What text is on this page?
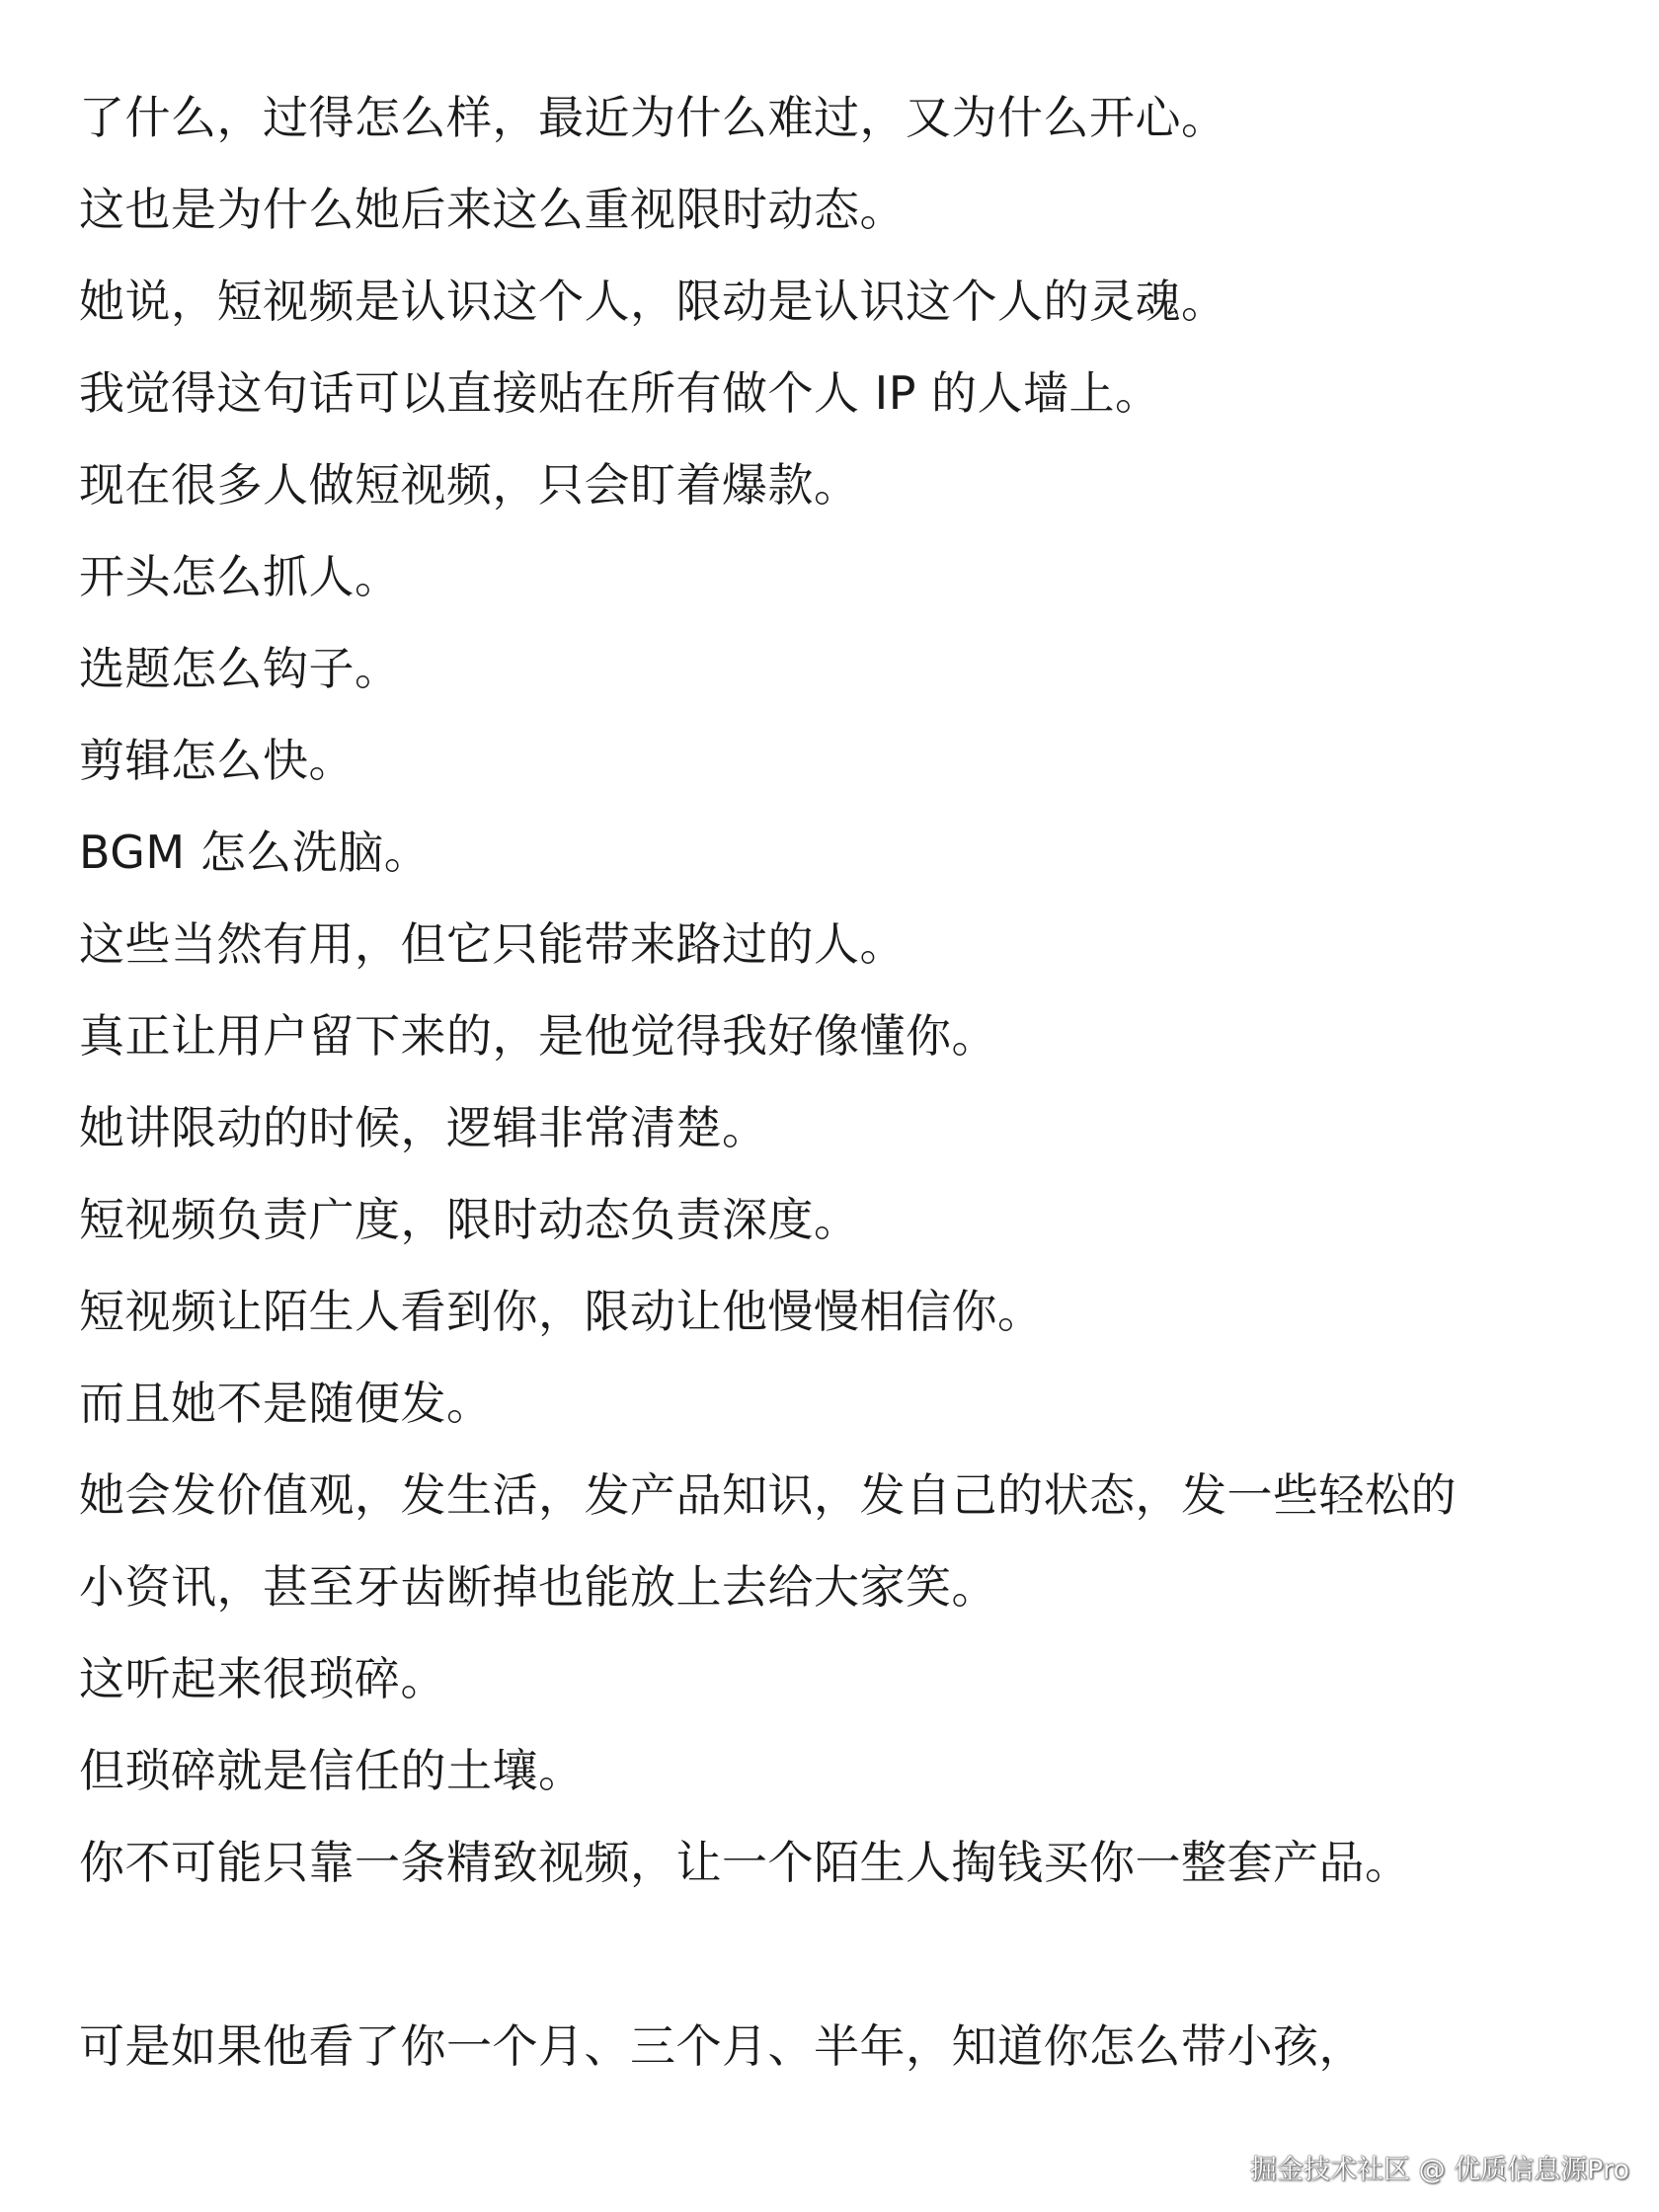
了什么，过得怎么样，最近为什么难过，又为什么开心。

这也是为什么她后来这么重视限时动态。

她说，短视频是认识这个人，限动是认识这个人的灵魂。

我觉得这句话可以直接贴在所有做个人 IP 的人墙上。

现在很多人做短视频，只会盯着爆款。

开头怎么抓人。

选题怎么钩子。

剪辑怎么快。

BGM 怎么洗脑。

这些当然有用，但它只能带来路过的人。

真正让用户留下来的，是他觉得我好像懂你。

她讲限动的时候，逻辑非常清楚。

短视频负责广度，限时动态负责深度。

短视频让陌生人看到你，限动让他慢慢相信你。

而且她不是随便发。

她会发价值观，发生活，发产品知识，发自己的状态，发一些轻松的

小资讯，甚至牙齿断掉也能放上去给大家笑。

这听起来很琐碎。

但琐碎就是信任的土壤。

你不可能只靠一条精致视频，让一个陌生人掏钱买你一整套产品。

可是如果他看了你一个月、三个月、半年，知道你怎么带小孩，

掘金技术社区 @ 优质信息源Pro
